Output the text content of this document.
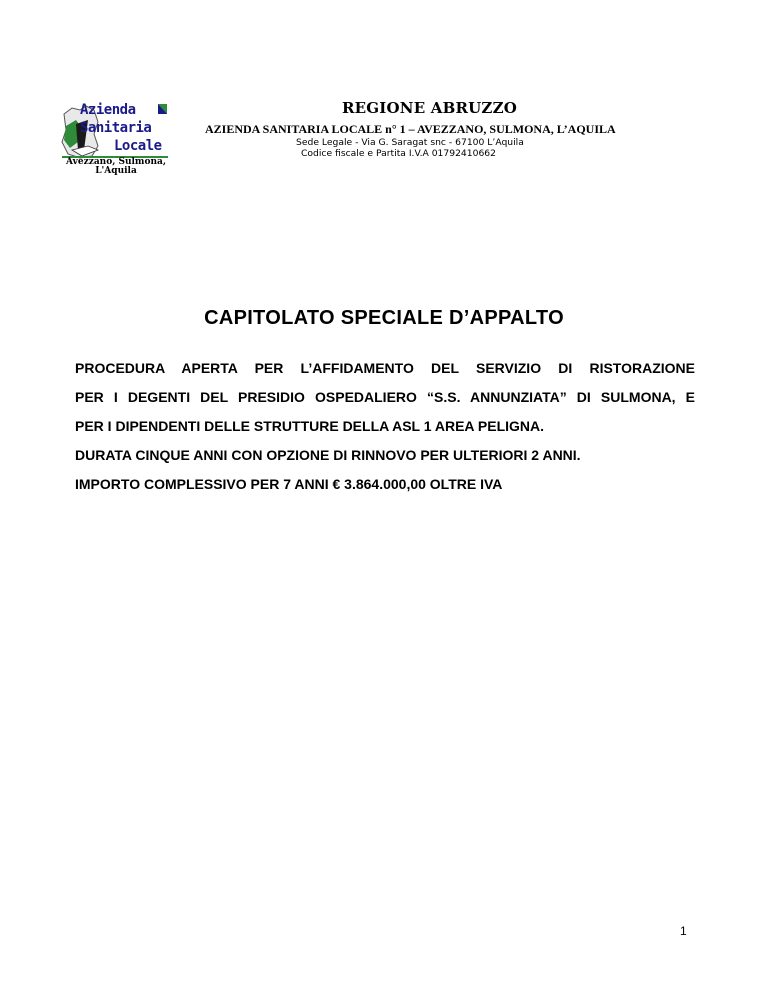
Azienda
Sanitaria
Locale
Avezzano, Sulmona,
L'Aquila
REGIONE ABRUZZO
AZIENDA SANITARIA LOCALE n° 1 – AVEZZANO, SULMONA, L’AQUILA
Sede Legale - Via G. Saragat snc - 67100 L’Aquila
Codice fiscale e Partita I.V.A 01792410662
CAPITOLATO SPECIALE D’APPALTO
PROCEDURA APERTA PER L’AFFIDAMENTO DEL SERVIZIO DI RISTORAZIONE
PER I DEGENTI DEL PRESIDIO OSPEDALIERO “S.S. ANNUNZIATA” DI SULMONA, E
PER I DIPENDENTI DELLE STRUTTURE DELLA ASL 1 AREA PELIGNA.
DURATA CINQUE ANNI CON OPZIONE DI RINNOVO PER ULTERIORI 2 ANNI.
IMPORTO COMPLESSIVO PER 7 ANNI € 3.864.000,00 OLTRE IVA
1
